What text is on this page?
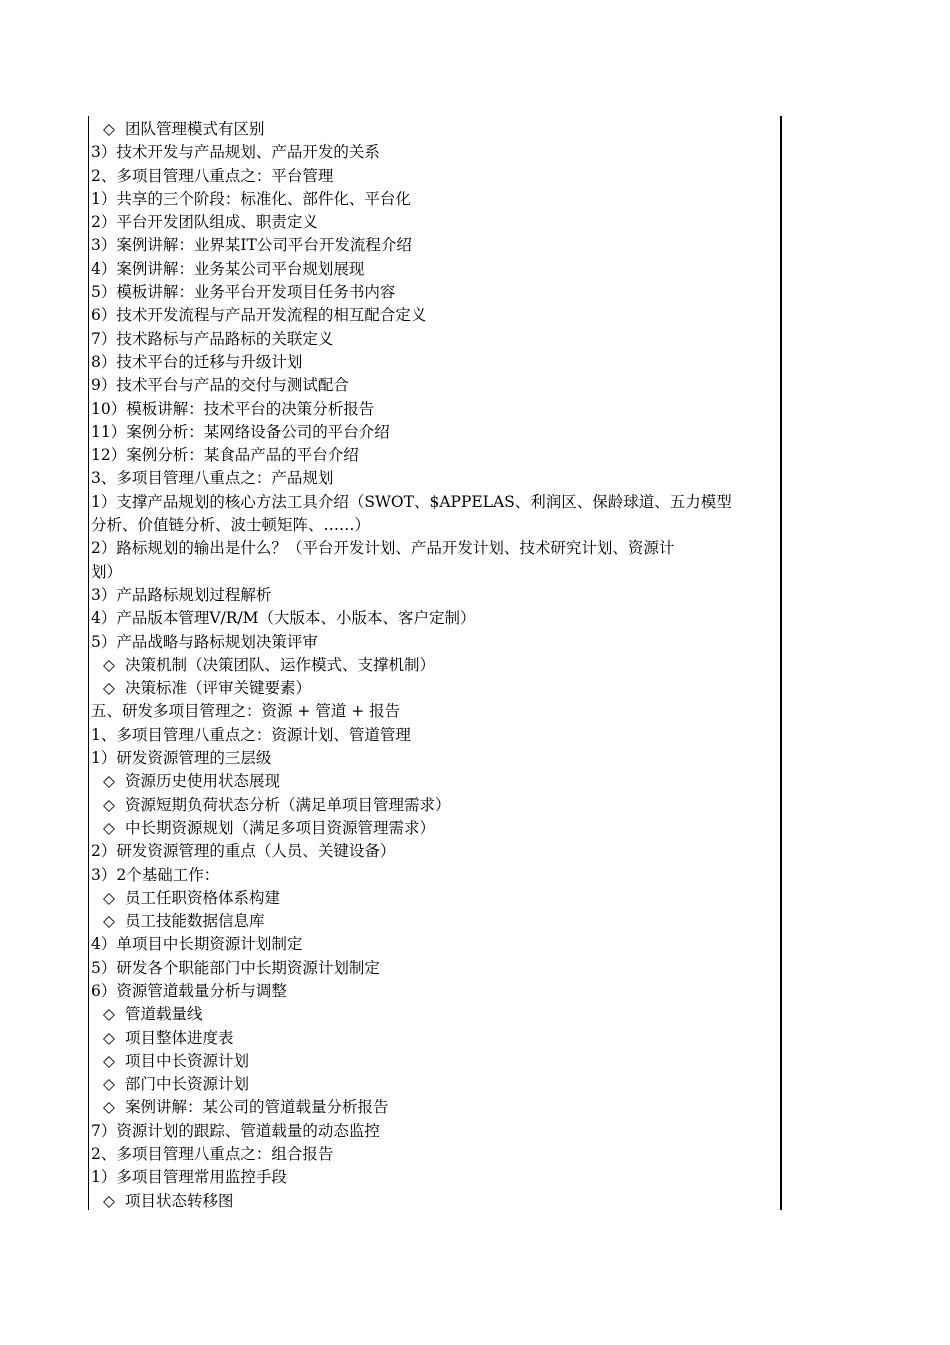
◇ 团队管理模式有区别
3）技术开发与产品规划、产品开发的关系
2、多项目管理八重点之：平台管理
1）共享的三个阶段：标准化、部件化、平台化
2）平台开发团队组成、职责定义
3）案例讲解：业界某IT公司平台开发流程介绍
4）案例讲解：业务某公司平台规划展现
5）模板讲解：业务平台开发项目任务书内容
6）技术开发流程与产品开发流程的相互配合定义
7）技术路标与产品路标的关联定义
8）技术平台的迁移与升级计划
9）技术平台与产品的交付与测试配合
10）模板讲解：技术平台的决策分析报告
11）案例分析：某网络设备公司的平台介绍
12）案例分析：某食品产品的平台介绍
3、多项目管理八重点之：产品规划
1）支撑产品规划的核心方法工具介绍（SWOT、$APPELAS、利润区、保龄球道、五力模型
分析、价值链分析、波士顿矩阵、……）
2）路标规划的输出是什么？（平台开发计划、产品开发计划、技术研究计划、资源计
划）
3）产品路标规划过程解析
4）产品版本管理V/R/M（大版本、小版本、客户定制）
5）产品战略与路标规划决策评审
◇ 决策机制（决策团队、运作模式、支撑机制）
◇ 决策标准（评审关键要素）
五、研发多项目管理之：资源 + 管道 + 报告
1、多项目管理八重点之：资源计划、管道管理
1）研发资源管理的三层级
◇ 资源历史使用状态展现
◇ 资源短期负荷状态分析（满足单项目管理需求）
◇ 中长期资源规划（满足多项目资源管理需求）
2）研发资源管理的重点（人员、关键设备）
3）2个基础工作：
◇ 员工任职资格体系构建
◇ 员工技能数据信息库
4）单项目中长期资源计划制定
5）研发各个职能部门中长期资源计划制定
6）资源管道载量分析与调整
◇ 管道载量线
◇ 项目整体进度表
◇ 项目中长资源计划
◇ 部门中长资源计划
◇ 案例讲解：某公司的管道载量分析报告
7）资源计划的跟踪、管道载量的动态监控
2、多项目管理八重点之：组合报告
1）多项目管理常用监控手段
◇ 项目状态转移图
